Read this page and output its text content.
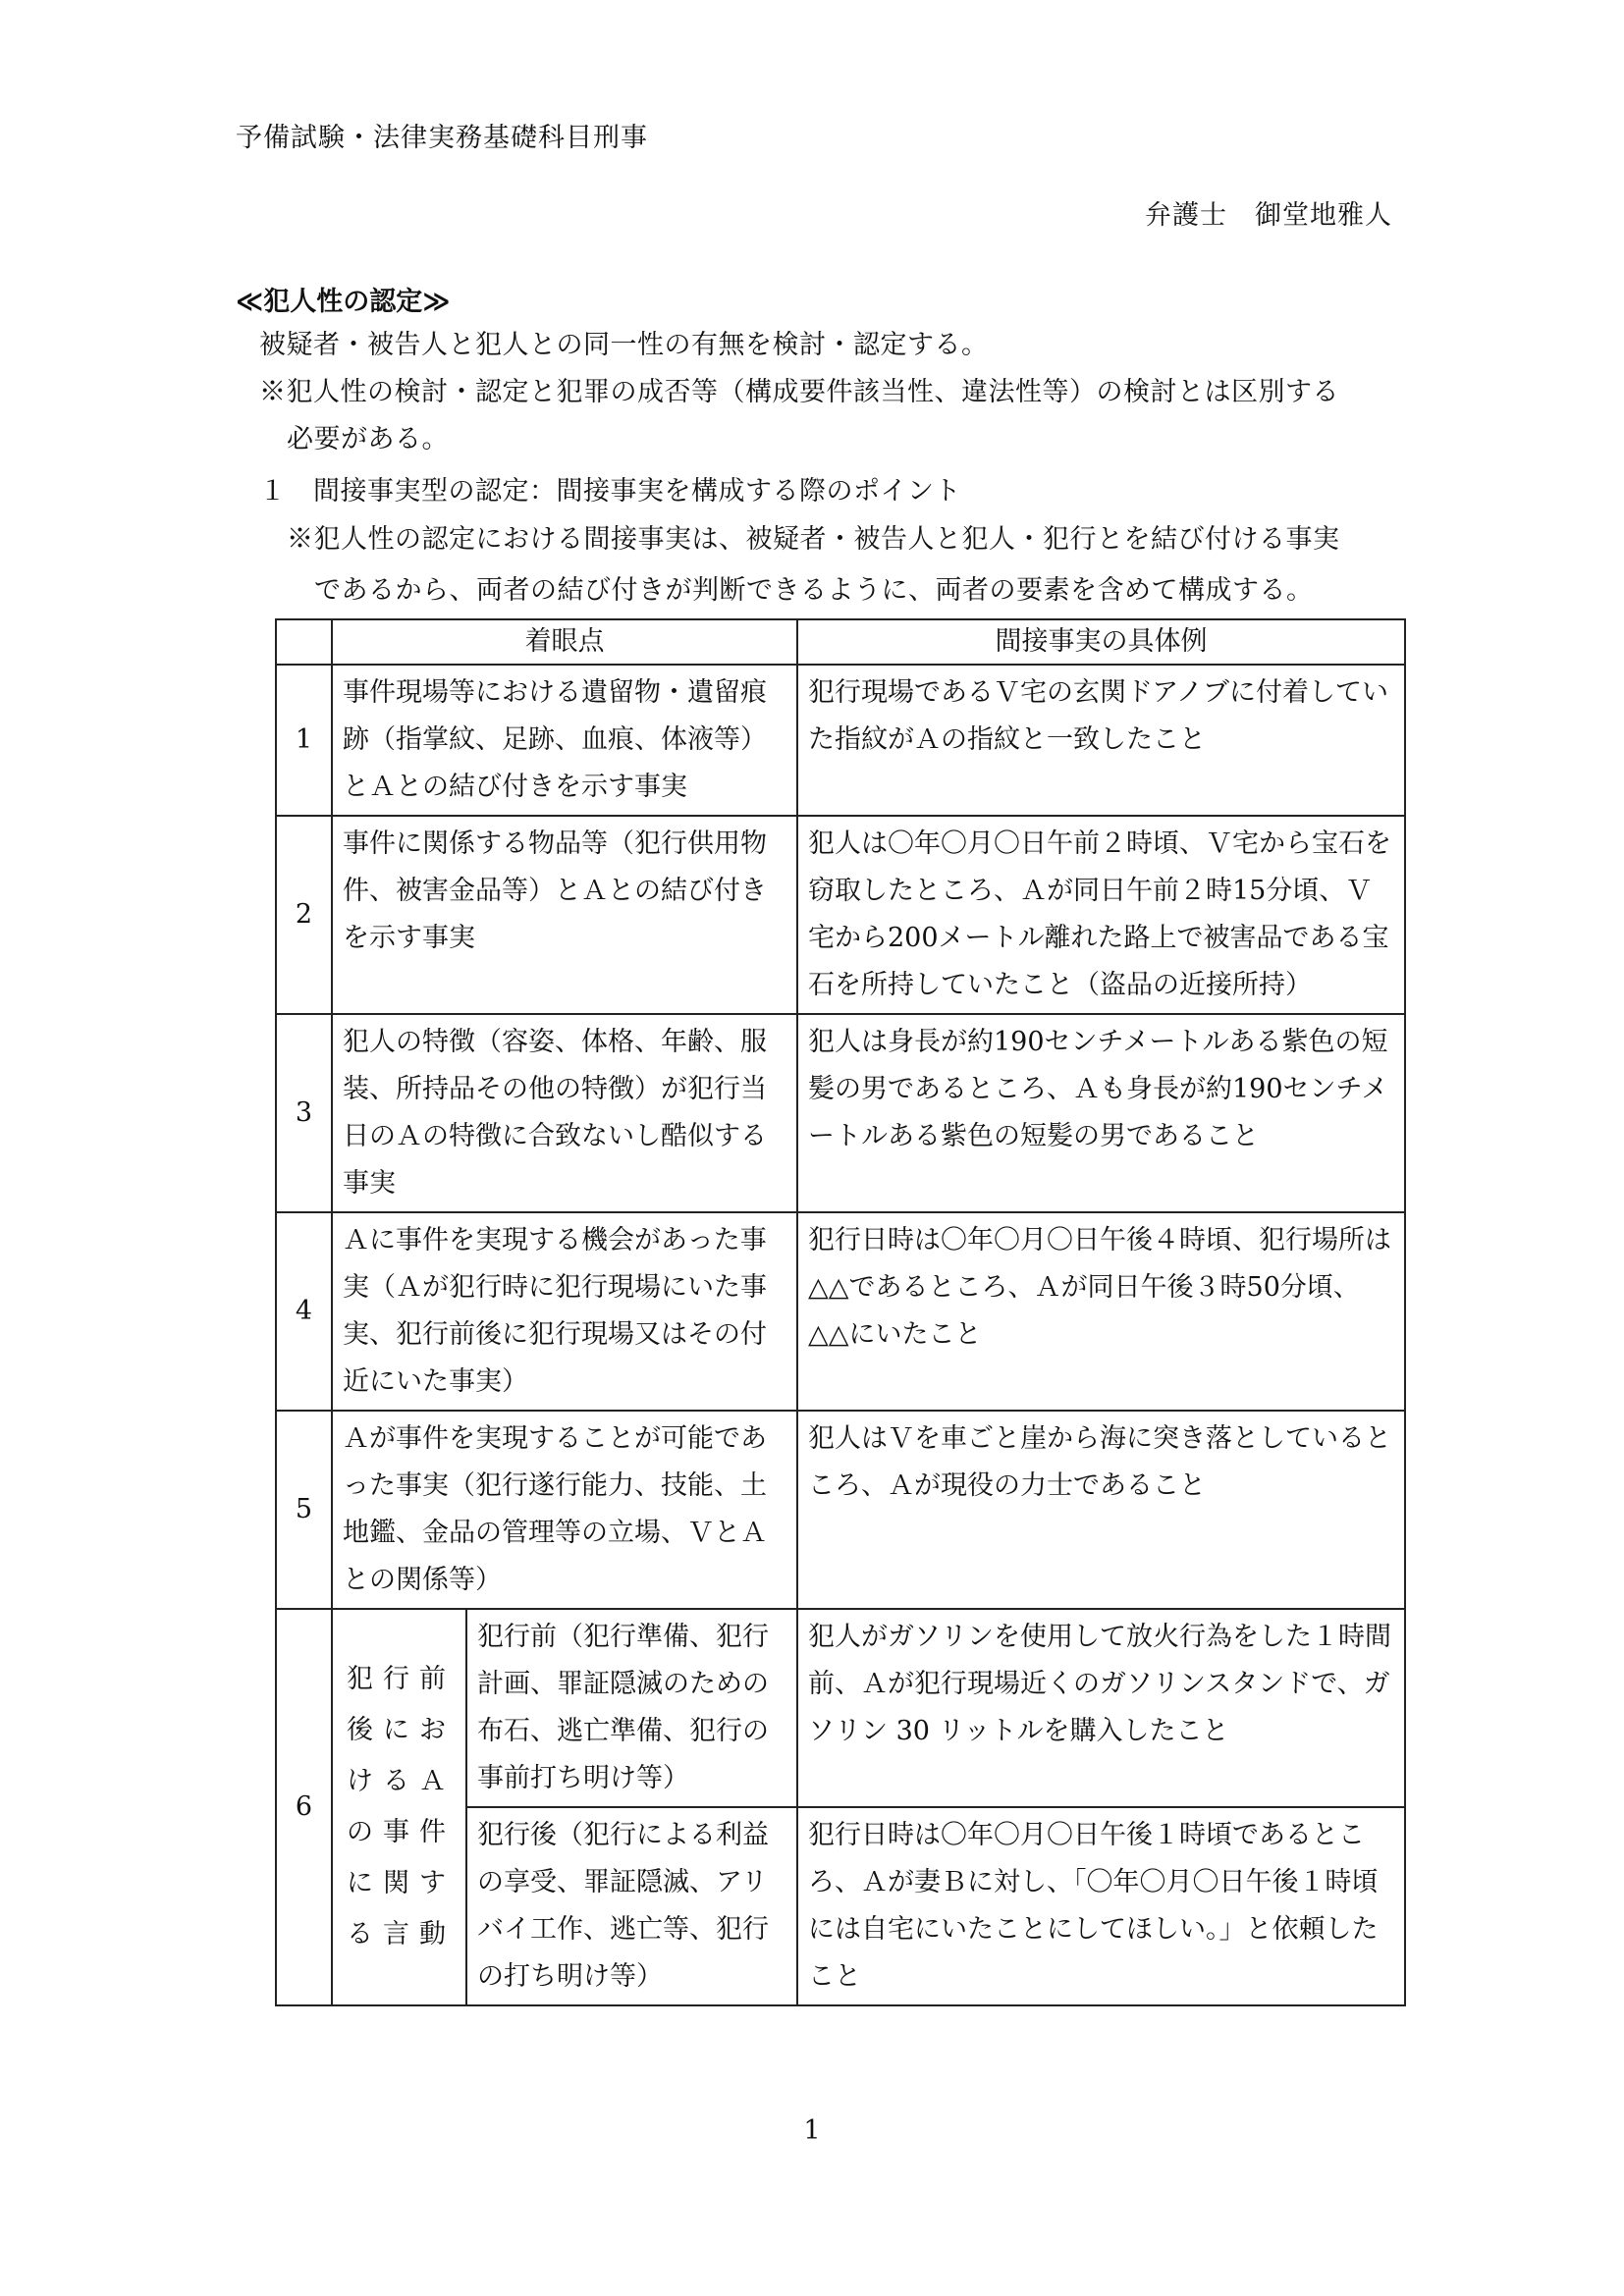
予備試験・法律実務基礎科目刑事
弁護士　御堂地雅人
≪犯人性の認定≫
被疑者・被告人と犯人との同一性の有無を検討・認定する。
※犯人性の検討・認定と犯罪の成否等（構成要件該当性、違法性等）の検討とは区別する
必要がある。
１　間接事実型の認定：間接事実を構成する際のポイント
※犯人性の認定における間接事実は、被疑者・被告人と犯人・犯行とを結び付ける事実
であるから、両者の結び付きが判断できるように、両者の要素を含めて構成する。
	着眼点		間接事実の具体例
1	事件現場等における遺留物・遺留痕跡（指掌紋、足跡、血痕、体液等）とＡとの結び付きを示す事実		犯行現場であるＶ宅の玄関ドアノブに付着していた指紋がＡの指紋と一致したこと
2	事件に関係する物品等（犯行供用物件、被害金品等）とＡとの結び付きを示す事実		犯人は〇年〇月〇日午前２時頃、Ｖ宅から宝石を窃取したところ、Ａが同日午前２時15分頃、Ｖ宅から200メートル離れた路上で被害品である宝石を所持していたこと（盗品の近接所持）
3	犯人の特徴（容姿、体格、年齢、服装、所持品その他の特徴）が犯行当日のＡの特徴に合致ないし酷似する事実		犯人は身長が約190センチメートルある紫色の短髪の男であるところ、Ａも身長が約190センチメートルある紫色の短髪の男であること
4	Ａに事件を実現する機会があった事実（Ａが犯行時に犯行現場にいた事実、犯行前後に犯行現場又はその付近にいた事実）		犯行日時は〇年〇月〇日午後４時頃、犯行場所は△△であるところ、Ａが同日午後３時50分頃、△△にいたこと
5	Ａが事件を実現することが可能であった事実（犯行遂行能力、技能、土地鑑、金品の管理等の立場、ＶとＡとの関係等）		犯人はＶを車ごと崖から海に突き落としているところ、Ａが現役の力士であること
6	犯行前後におけるＡの事件に関する言動	犯行前（犯行準備、犯行計画、罪証隠滅のための布石、逃亡準備、犯行の事前打ち明け等）	犯人がガソリンを使用して放火行為をした１時間前、Ａが犯行現場近くのガソリンスタンドで、ガソリン 30 リットルを購入したこと
		犯行後（犯行による利益の享受、罪証隠滅、アリバイ工作、逃亡等、犯行の打ち明け等）	犯行日時は〇年〇月〇日午後１時頃であるところ、Ａが妻Ｂに対し、「〇年〇月〇日午後１時頃には自宅にいたことにしてほしい。」と依頼したこと
1
